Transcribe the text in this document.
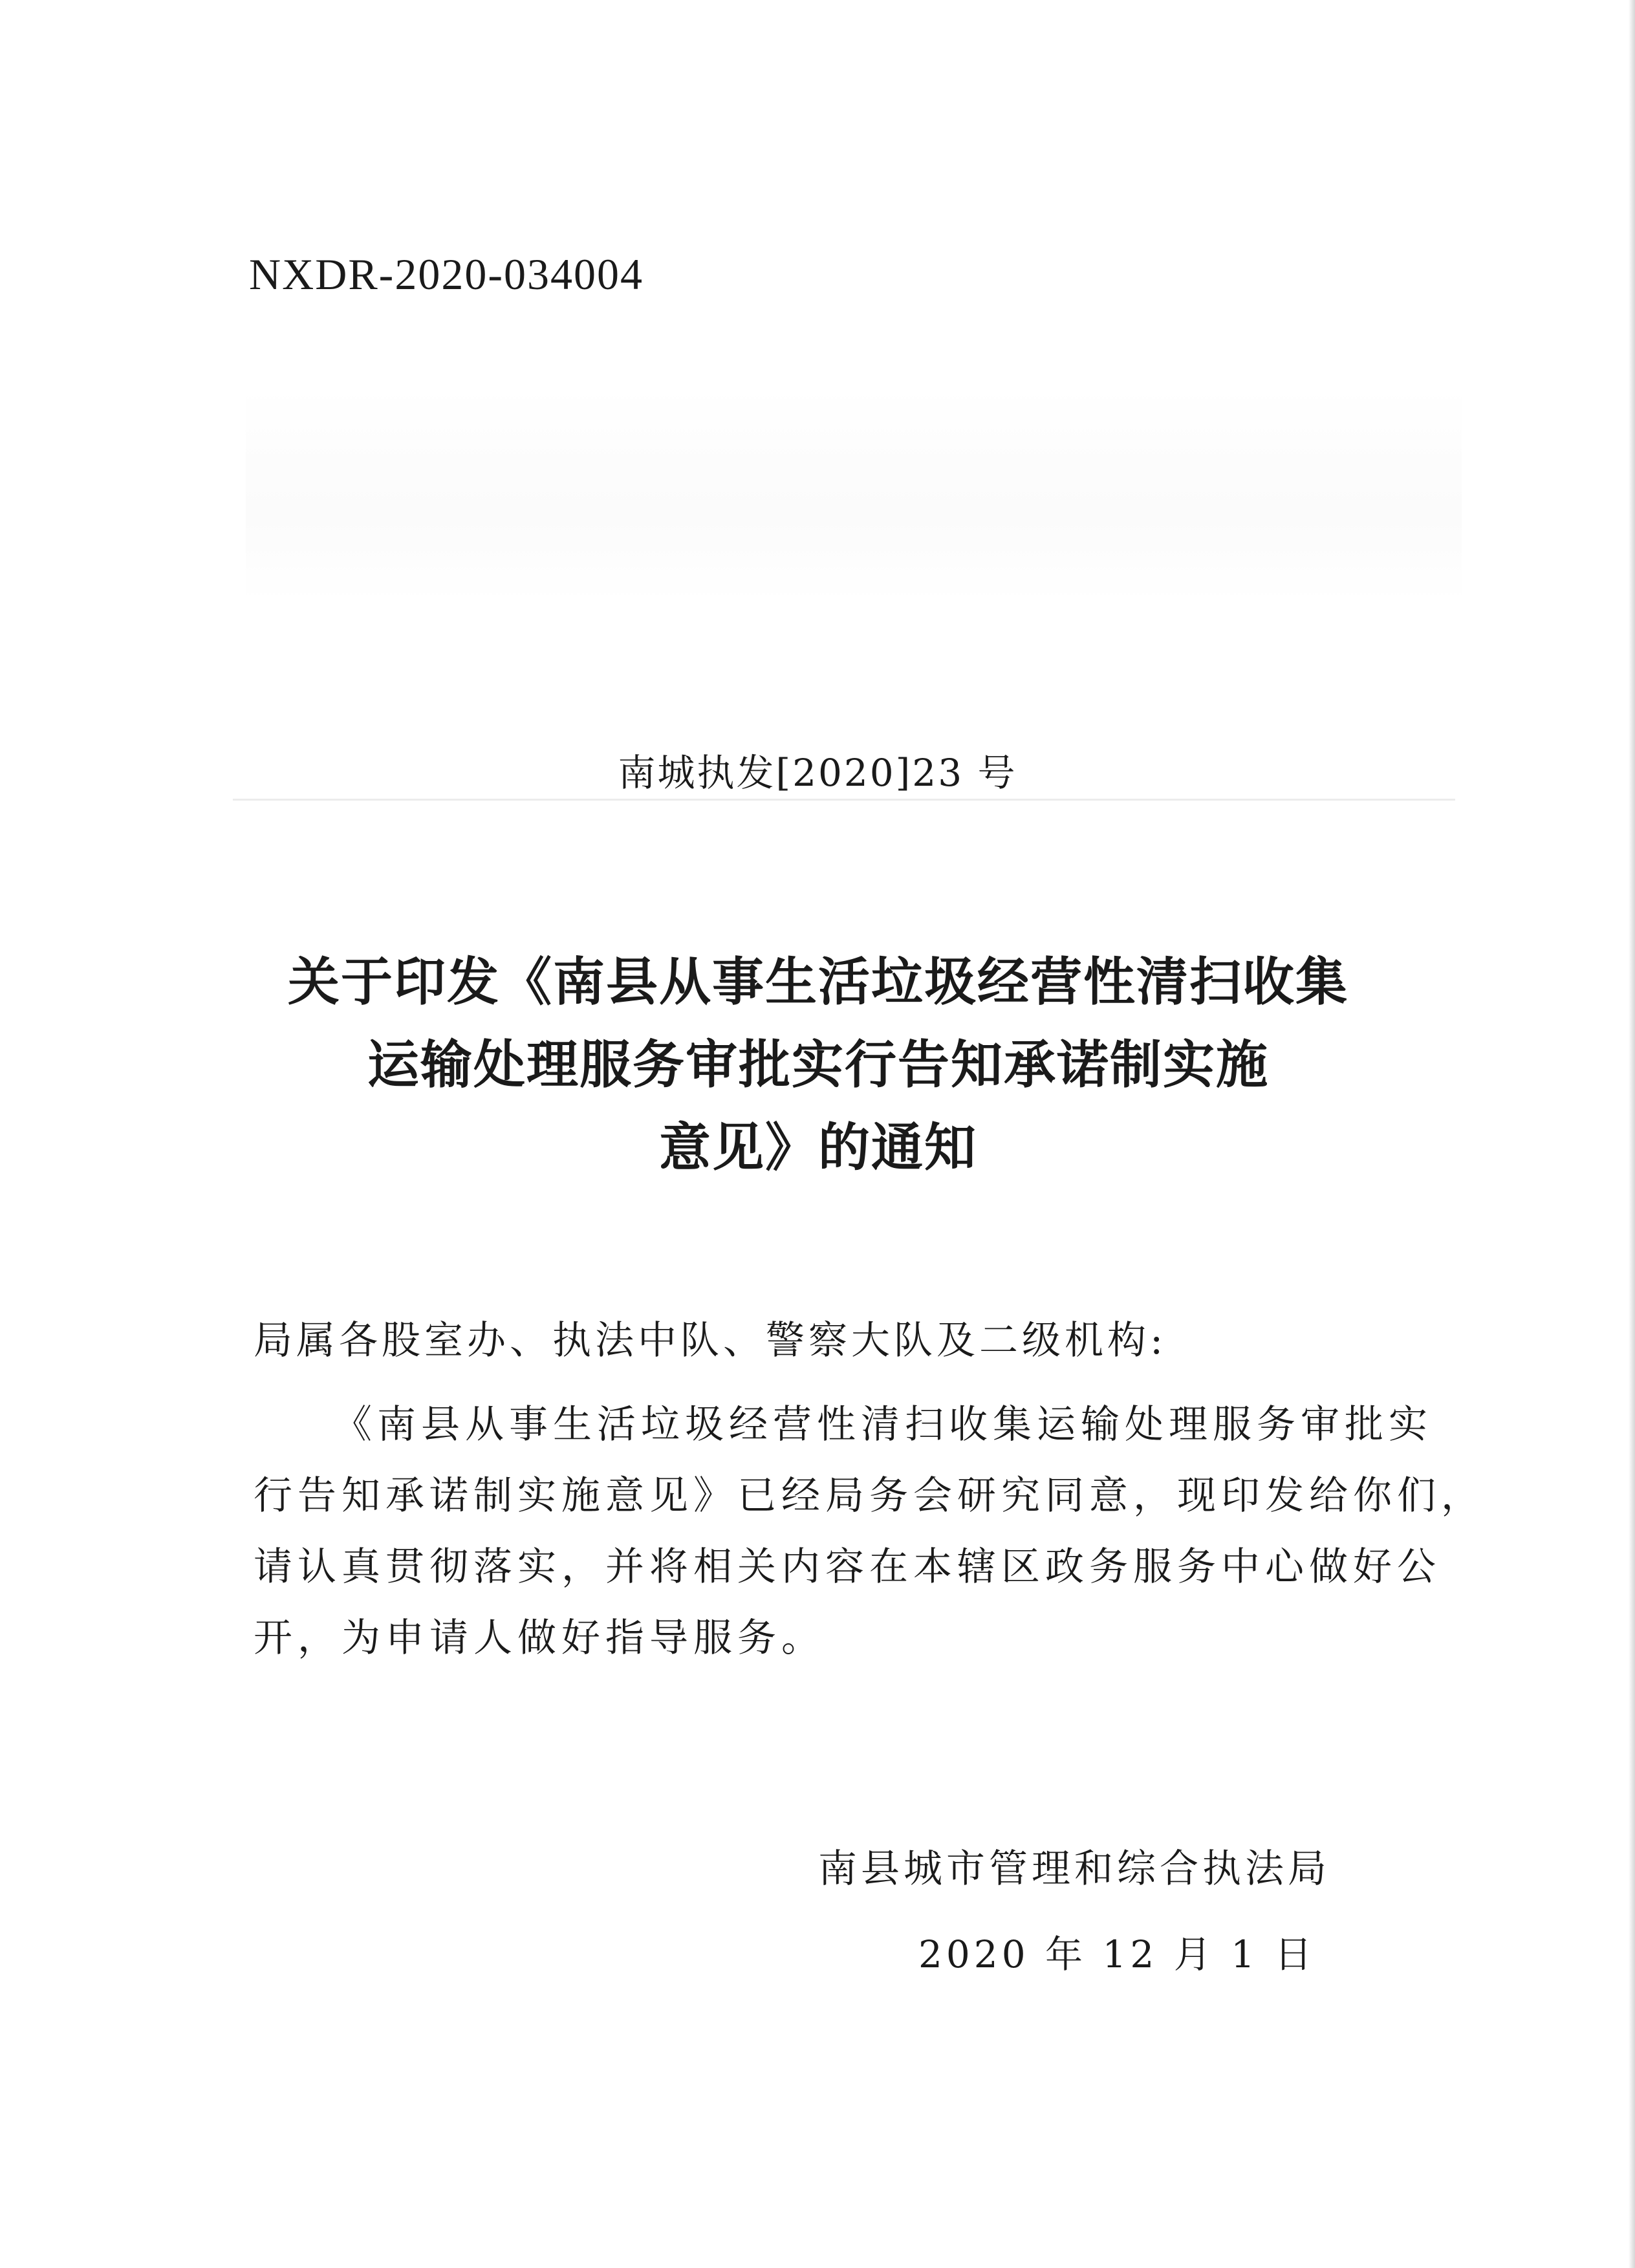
NXDR-2020-034004
南城执发[2020]23 号
关于印发《南县从事生活垃圾经营性清扫收集
运输处理服务审批实行告知承诺制实施
意见》的通知
局属各股室办、执法中队、警察大队及二级机构:
《南县从事生活垃圾经营性清扫收集运输处理服务审批实
行告知承诺制实施意见》已经局务会研究同意，现印发给你们，
请认真贯彻落实，并将相关内容在本辖区政务服务中心做好公
开，为申请人做好指导服务。
南县城市管理和综合执法局
2020 年 12 月 1 日
